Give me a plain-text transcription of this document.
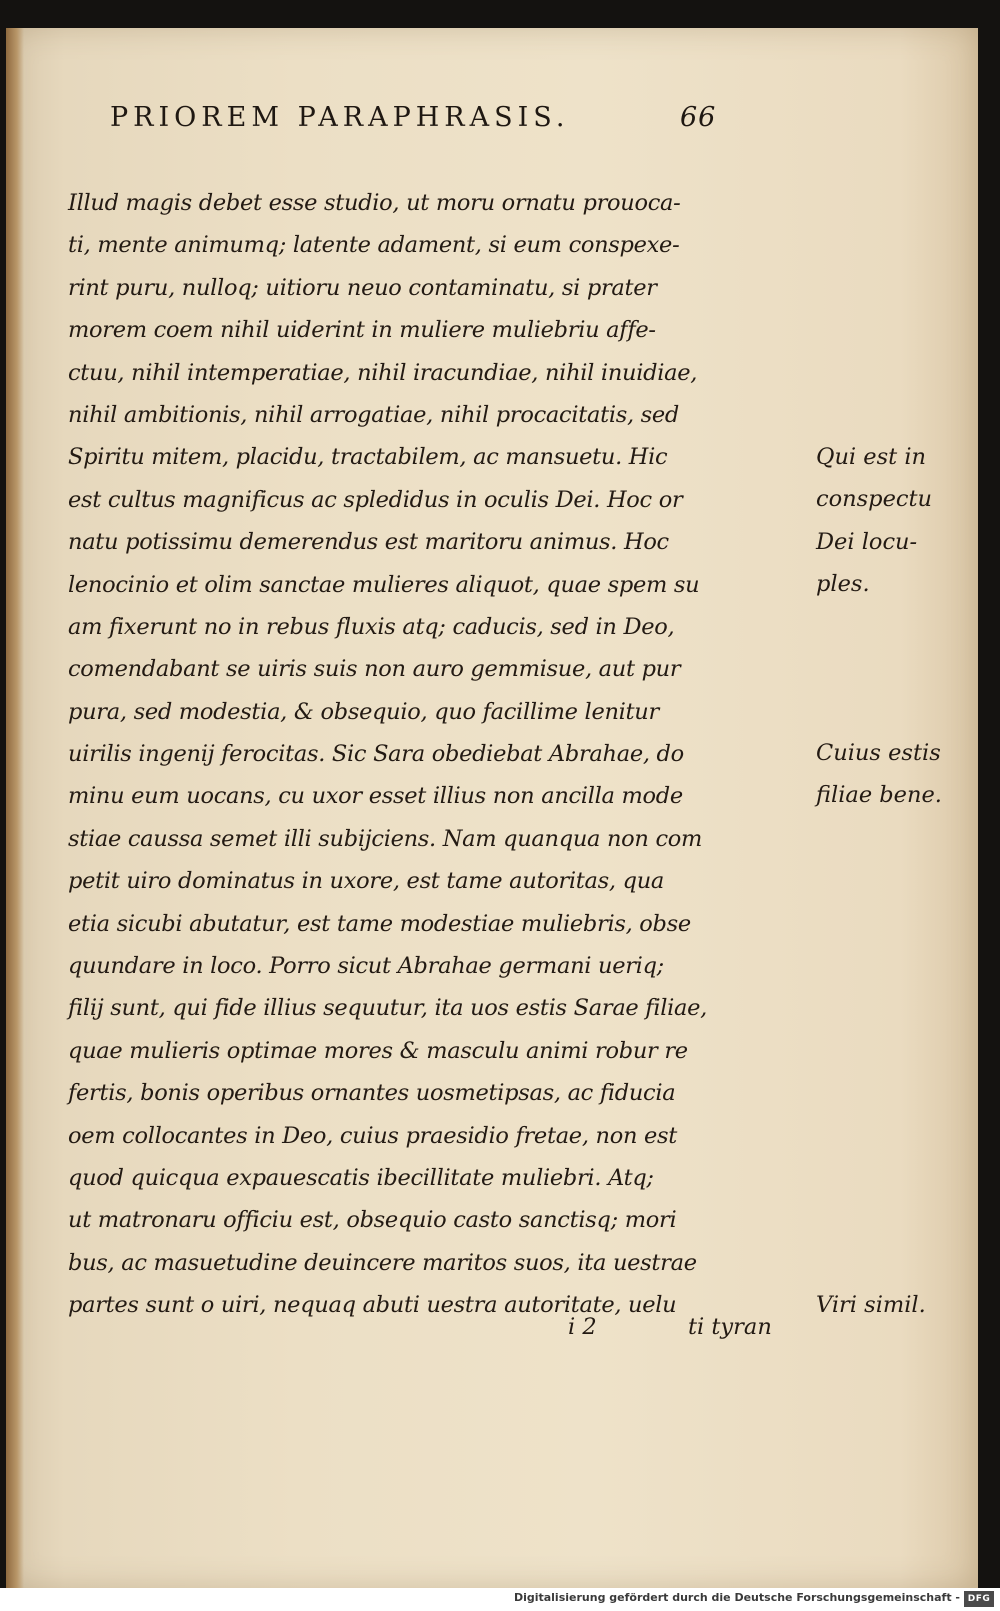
PRIOREM PARAPHRASIS.	66
Illud magis debet esse studio, ut moru ornatu prouoca-
ti, mente animumq; latente adament, si eum conspexe-
rint puru, nulloq; uitioru neuo contaminatu, si prater
morem coem nihil uiderint in muliere muliebriu affe-
ctuu, nihil intemperatiae, nihil iracundiae, nihil inuidiae,
nihil ambitionis, nihil arrogatiae, nihil procacitatis, sed
Spiritu mitem, placidu, tractabilem, ac mansuetu. Hic
est cultus magnificus ac spledidus in oculis Dei. Hoc or
natu potissimu demerendus est maritoru animus. Hoc
lenocinio et olim sanctae mulieres aliquot, quae spem su
am fixerunt no in rebus fluxis atq; caducis, sed in Deo,
comendabant se uiris suis non auro gemmisue, aut pur
pura, sed modestia, & obsequio, quo facillime lenitur
uirilis ingenij ferocitas. Sic Sara obediebat Abrahae, do
minu eum uocans, cu uxor esset illius non ancilla mode
stiae caussa semet illi subijciens. Nam quanqua non com
petit uiro dominatus in uxore, est tame autoritas, qua
etia sicubi abutatur, est tame modestiae muliebris, obse
quundare in loco. Porro sicut Abrahae germani ueriq;
filij sunt, qui fide illius sequutur, ita uos estis Sarae filiae,
quae mulieris optimae mores & masculu animi robur re
fertis, bonis operibus ornantes uosmetipsas, ac fiducia
oem collocantes in Deo, cuius praesidio fretae, non est
quod quicqua expauescatis ibecillitate muliebri. Atq;
ut matronaru officiu est, obsequio casto sanctisq; mori
bus, ac masuetudine deuincere maritos suos, ita uestrae
partes sunt o uiri, nequaq abuti uestra autoritate, uelu
Qui est in
conspectu
Dei locu-
ples.
Cuius estis
filiae bene.
Viri simil.
i 2	ti tyran
Digitalisierung gefördert durch die Deutsche Forschungsgemeinschaft - DFG
